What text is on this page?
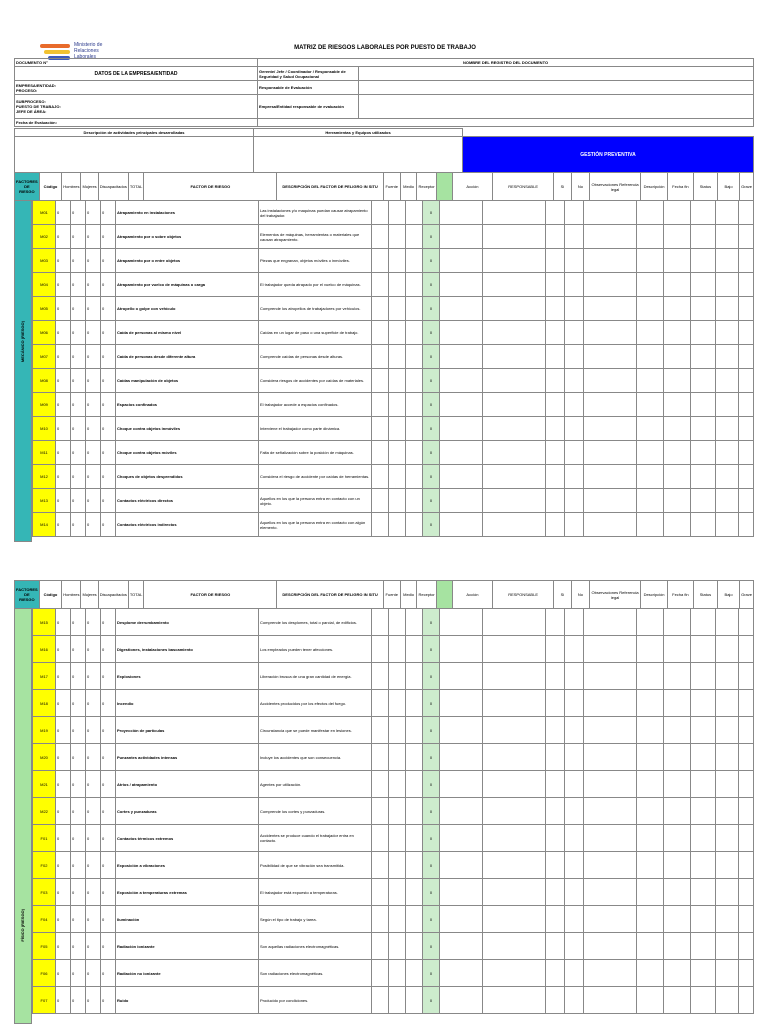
Ministerio de Relaciones Laborales
MATRIZ DE RIESGOS LABORALES POR PUESTO DE TRABAJO
DOCUMENTO N°	NOMBRE DEL REGISTRO DEL DOCUMENTO	
DATOS DE LA EMPRESA/ENTIDAD	Gerente/ Jefe / Coordinador / Responsable de Seguridad y Salud Ocupacional	

EMPRESA/ENTIDAD:
PROCESO:	Responsable de Evaluación	

SUBPROCESO:
PUESTO DE TRABAJO:
JEFE DE ÁREA:	Empresa/Entidad responsable de evaluación	
Fecha de Evaluación:		
Descripción de actividades principales desarrolladas	Herramientas y Equipos utilizados	
		GESTIÓN PREVENTIVA
FACTORES DE RIESGO	Código	Hombres	Mujeres	Discapacitados	TOTAL	FACTOR DE RIESGO	DESCRIPCIÓN DEL FACTOR DE PELIGRO IN SITU	Fuente	Medio	Receptor		Acción	RESPONSABLE	Si	No	Observaciones Referencia legal	Descripción	Fecha fin	Status	Bajo	Grave
MECÁNICO (RIESGO)
M01	0	0	0	0	Atrapamiento en instalaciones	Las instalaciones y/o maquinas puedan causar atrapamiento del trabajador.				0										
M02	0	0	0	0	Atrapamiento por o sobre objetos	Elementos de máquinas, herramientas o materiales que causan atrapamiento.				0										
M03	0	0	0	0	Atrapamiento por o entre objetos	Piezas que engranan, objetos móviles o inmóviles.				0										
M04	0	0	0	0	Atrapamiento por vuelco de máquinas o carga	El trabajador queda atrapado por el vuelco de máquinas.				0										
M05	0	0	0	0	Atropello o golpe con vehículo	Comprende los atropellos de trabajadores por vehículos.				0										
M06	0	0	0	0	Caída de personas al mismo nivel	Caídas en un lugar de paso o una superficie de trabajo.				0										
M07	0	0	0	0	Caída de personas desde diferente altura	Comprende caídas de personas desde alturas.				0										
M08	0	0	0	0	Caídas manipulación de objetos	Considera riesgos de accidentes por caídas de materiales.				0										
M09	0	0	0	0	Espacios confinados	El trabajador accede a espacios confinados.				0										
M10	0	0	0	0	Choque contra objetos inmóviles	Interviene el trabajador como parte dinámica.				0										
M11	0	0	0	0	Choque contra objetos móviles	Falta de señalización sobre la posición de máquinas.				0										
M12	0	0	0	0	Choques de objetos desprendidos	Considera el riesgo de accidente por caídas de herramientas.				0										
M13	0	0	0	0	Contactos eléctricos directos	Aquellos en los que la persona entra en contacto con un objeto.				0										
M14	0	0	0	0	Contactos eléctricos indirectos	Aquellos en los que la persona entra en contacto con algún elemento.				0										
FACTORES DE RIESGO	Código	Hombres	Mujeres	Discapacitados	TOTAL	FACTOR DE RIESGO	DESCRIPCIÓN DEL FACTOR DE PELIGRO IN SITU	Fuente	Medio	Receptor		Acción	RESPONSABLE	Si	No	Observaciones Referencia legal	Descripción	Fecha fin	Status	Bajo	Grave
FÍSICO (RIESGO)
M15	0	0	0	0	Desplome derrumbamiento	Comprende los desplomes, total o parcial, de edificios.				0										
M16	0	0	0	0	Digestiones, instalaciones bascamiento	Los empleados pueden tener afecciones.				0										
M17	0	0	0	0	Explosiones	Liberación brusca de una gran cantidad de energía.				0										
M18	0	0	0	0	Incendio	Accidentes producidos por los efectos del fuego.				0										
M19	0	0	0	0	Proyección de partículas	Circunstancia que se puede manifestar en lesiones.				0										
M20	0	0	0	0	Punzantes actividades intensas	Incluye los accidentes que son consecuencia.				0										
M21	0	0	0	0	Atrios / atrapamiento	Agentes por utilización.				0										
M22	0	0	0	0	Cortes y punzaduras	Comprende los cortes y punzaduras.				0										
F01	0	0	0	0	Contactos térmicos extremos	Accidentes se produce cuando el trabajador entra en contacto.				0										
F02	0	0	0	0	Exposición a vibraciones	Posibilidad de que se vibración sea transmitida.				0										
F03	0	0	0	0	Exposición a temperaturas extremas	El trabajador está expuesto a temperaturas.				0										
F04	0	0	0	0	Iluminación	Según el tipo de trabajo y tarea.				0										
F05	0	0	0	0	Radiación ionizante	Son aquellas radiaciones electromagnéticas.				0										
F06	0	0	0	0	Radiación no ionizante	Son radiaciones electromagnéticas.				0										
F07	0	0	0	0	Ruido	Producido por condiciones.				0										
